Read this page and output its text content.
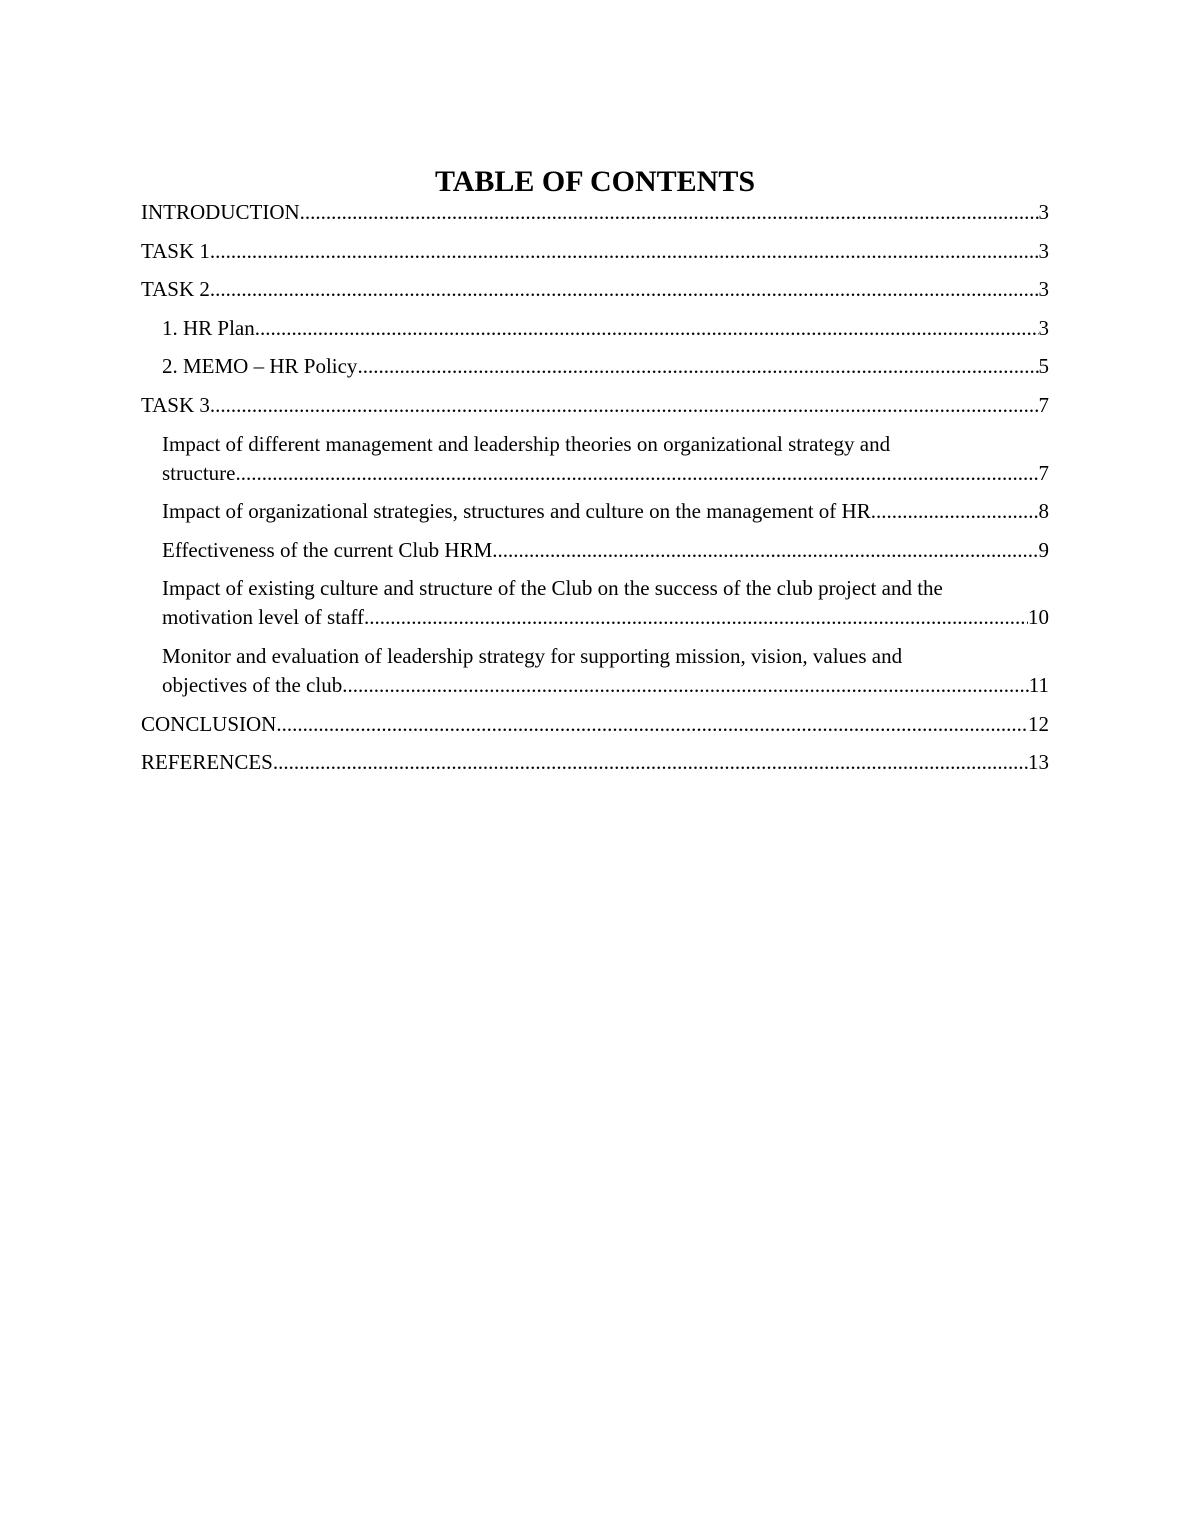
TABLE OF CONTENTS
INTRODUCTION .....	3
TASK 1 .....	3
TASK 2 .....	3
1. HR Plan .....	3
2. MEMO – HR Policy .....	5
TASK 3 .....	7
Impact of different management and leadership theories on organizational strategy and
structure .....	7
Impact of organizational strategies, structures and culture on the management of HR .....	8
Effectiveness of the current Club HRM .....	9
Impact of existing culture and structure of the Club on the success of the club project and the
motivation level of staff .....	10
Monitor and evaluation of leadership strategy for supporting mission, vision, values and
objectives of the club .....	11
CONCLUSION .....	12
REFERENCES .....	13
